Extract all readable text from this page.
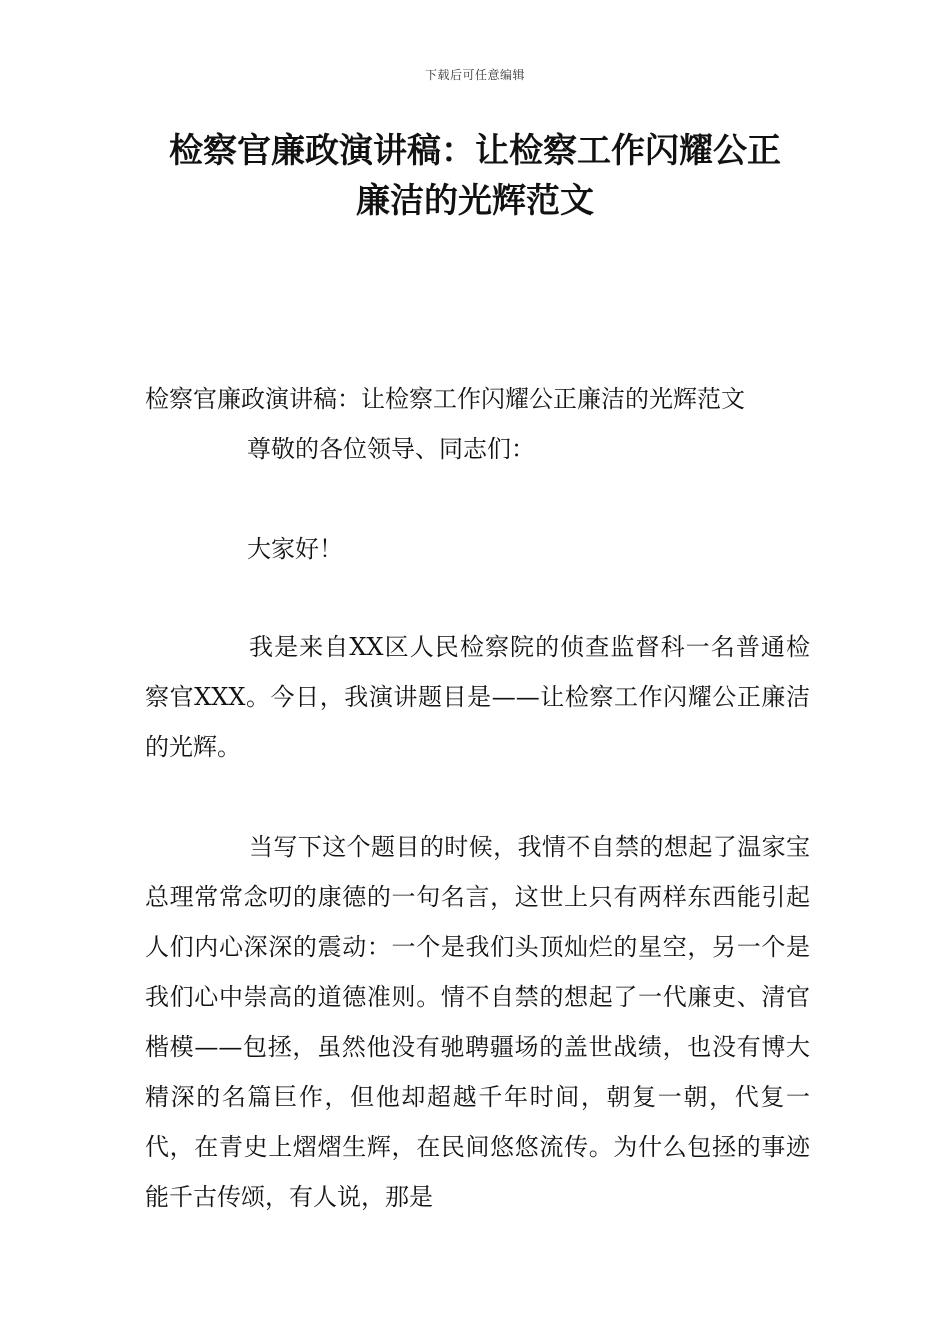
下载后可任意编辑
检察官廉政演讲稿：让检察工作闪耀公正
廉洁的光辉范文

检察官廉政演讲稿：让检察工作闪耀公正廉洁的光辉范文

尊敬的各位领导、同志们：

大家好！

我是来自XX区人民检察院的侦查监督科一名普通检察官XXX。今日，我演讲题目是——让检察工作闪耀公正廉洁的光辉。

当写下这个题目的时候，我情不自禁的想起了温家宝总理常常念叨的康德的一句名言，这世上只有两样东西能引起人们内心深深的震动：一个是我们头顶灿烂的星空，另一个是我们心中崇高的道德准则。情不自禁的想起了一代廉吏、清官楷模——包拯，虽然他没有驰聘疆场的盖世战绩，也没有博大精深的名篇巨作，但他却超越千年时间，朝复一朝，代复一代，在青史上熠熠生辉，在民间悠悠流传。为什么包拯的事迹能千古传颂，有人说，那是
